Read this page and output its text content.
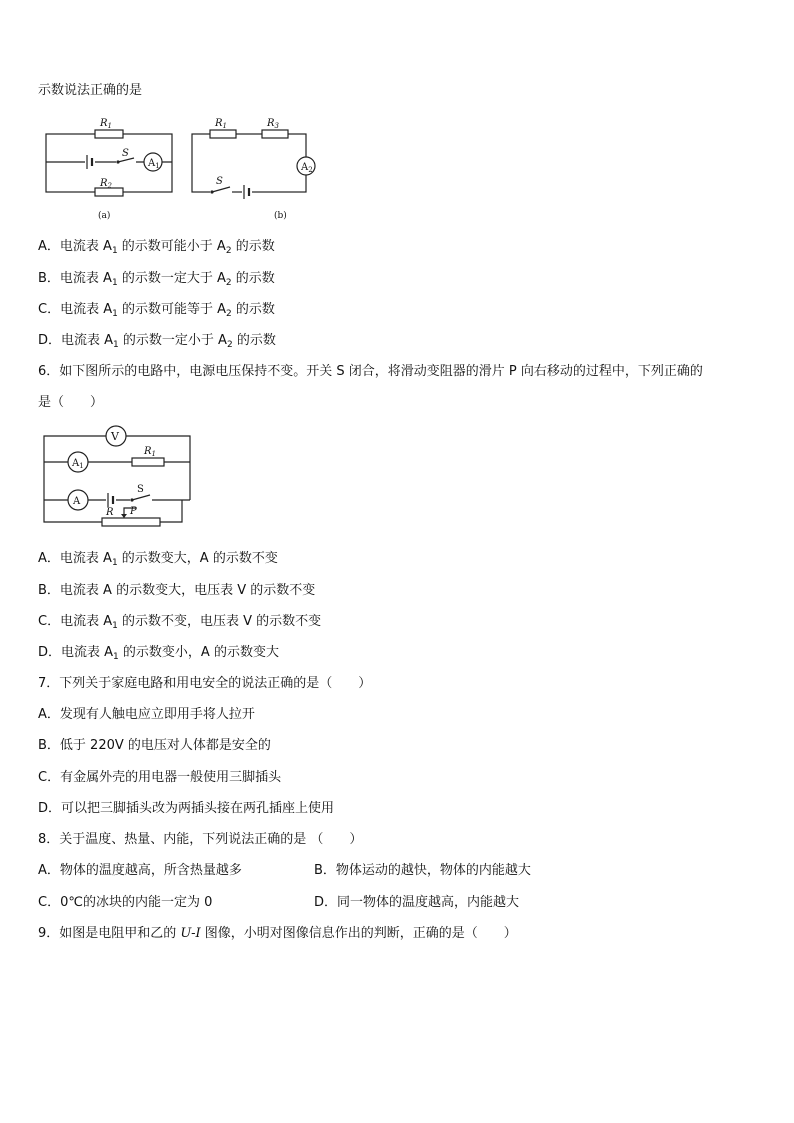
示数说法正确的是
$A_1$
$R_1$
$R_2$
S
(a)
$A_2$
$R_1$	$R_3$
S
(b)
A．电流表 $A_1$ 的示数可能小于 $A_2$ 的示数
B．电流表 $A_1$ 的示数一定大于 $A_2$ 的示数
C．电流表 $A_1$ 的示数可能等于 $A_2$ 的示数
D．电流表 $A_1$ 的示数一定小于 $A_2$ 的示数
6．如下图所示的电路中，电源电压保持不变。开关 S 闭合，将滑动变阻器的滑片 P 向右移动的过程中，下列正确的
是（　　）
V
$A_1$
$R_1$
A
S
R P
A．电流表 $A_1$ 的示数变大，A 的示数不变
B．电流表 A 的示数变大，电压表 V 的示数不变
C．电流表 $A_1$ 的示数不变，电压表 V 的示数不变
D．电流表 $A_1$ 的示数变小，A 的示数变大
7．下列关于家庭电路和用电安全的说法正确的是（　　）
A．发现有人触电应立即用手将人拉开
B．低于 220V 的电压对人体都是安全的
C．有金属外壳的用电器一般使用三脚插头
D．可以把三脚插头改为两插头接在两孔插座上使用
8．关于温度、热量、内能，下列说法正确的是 （　　）
A．物体的温度越高，所含热量越多	B．物体运动的越快，物体的内能越大
C．0℃的冰块的内能一定为 0	D．同一物体的温度越高，内能越大
9．如图是电阻甲和乙的 U-I 图像，小明对图像信息作出的判断，正确的是（　　）
